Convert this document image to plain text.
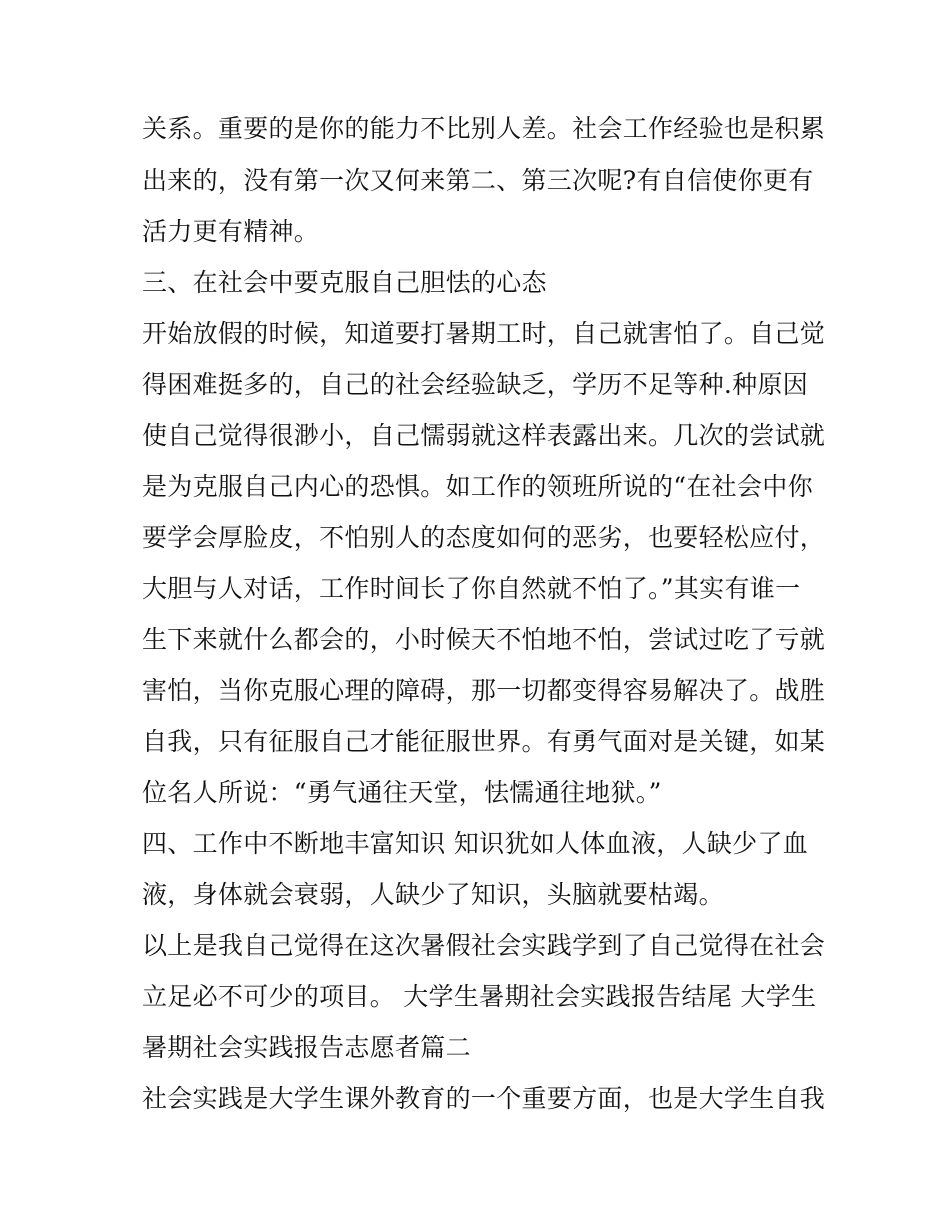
关系。重要的是你的能力不比别人差。社会工作经验也是积累
出来的，没有第一次又何来第二、第三次呢?有自信使你更有
活力更有精神。
三、在社会中要克服自己胆怯的心态
开始放假的时候，知道要打暑期工时，自己就害怕了。自己觉
得困难挺多的，自己的社会经验缺乏，学历不足等种.种原因
使自己觉得很渺小，自己懦弱就这样表露出来。几次的尝试就
是为克服自己内心的恐惧。如工作的领班所说的“在社会中你
要学会厚脸皮，不怕别人的态度如何的恶劣，也要轻松应付，
大胆与人对话，工作时间长了你自然就不怕了。”其实有谁一
生下来就什么都会的，小时候天不怕地不怕，尝试过吃了亏就
害怕，当你克服心理的障碍，那一切都变得容易解决了。战胜
自我，只有征服自己才能征服世界。有勇气面对是关键，如某
位名人所说：“勇气通往天堂，怯懦通往地狱。”
四、工作中不断地丰富知识 知识犹如人体血液，人缺少了血
液，身体就会衰弱，人缺少了知识，头脑就要枯竭。
以上是我自己觉得在这次暑假社会实践学到了自己觉得在社会
立足必不可少的项目。 大学生暑期社会实践报告结尾 大学生
暑期社会实践报告志愿者篇二
社会实践是大学生课外教育的一个重要方面，也是大学生自我
